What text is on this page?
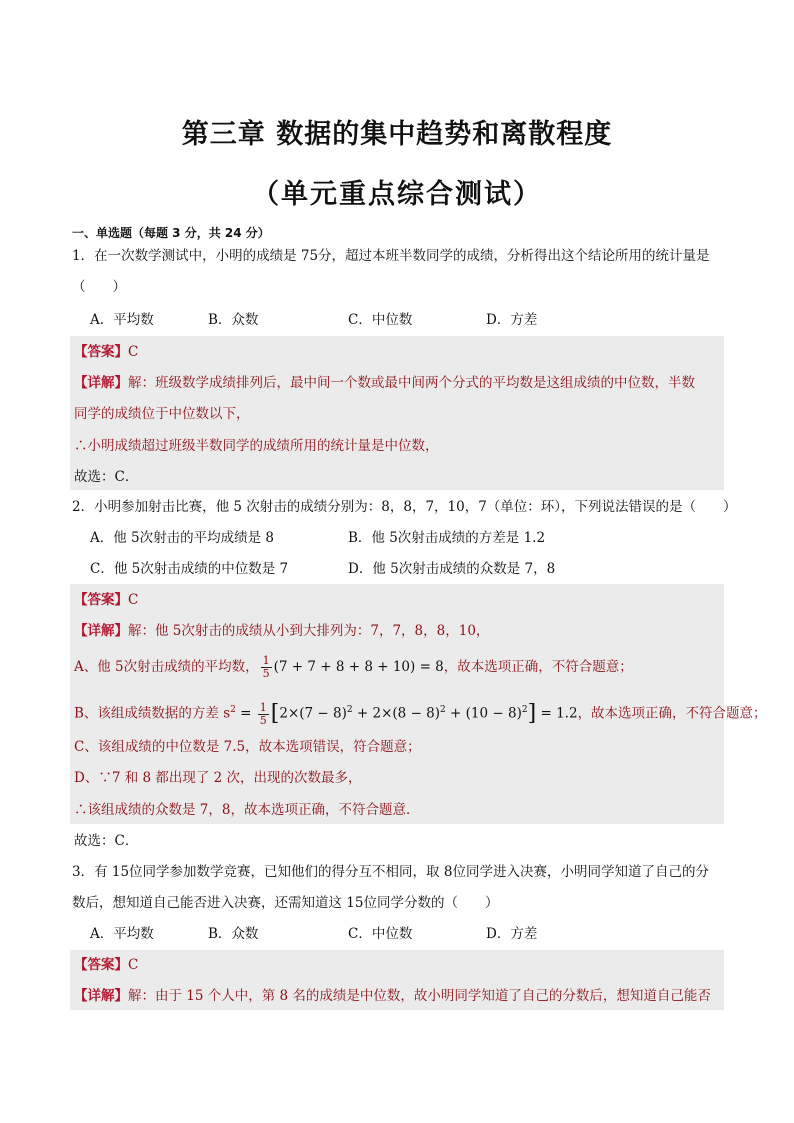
第三章 数据的集中趋势和离散程度
（单元重点综合测试）
一、单选题（每题 3 分，共 24 分）
1．在一次数学测试中，小明的成绩是 75分，超过本班半数同学的成绩，分析得出这个结论所用的统计量是
（　　）
A．平均数	B．众数	C．中位数	D．方差
【答案】C
【详解】解：班级数学成绩排列后，最中间一个数或最中间两个分式的平均数是这组成绩的中位数，半数
同学的成绩位于中位数以下，
∴小明成绩超过班级半数同学的成绩所用的统计量是中位数，
故选：C．
2．小明参加射击比赛，他 5 次射击的成绩分别为：8，8，7，10，7（单位：环），下列说法错误的是（　　）
A．他 5次射击的平均成绩是 8	B．他 5次射击成绩的方差是 1.2
C．他 5次射击成绩的中位数是 7	D．他 5次射击成绩的众数是 7，8
【答案】C
【详解】解：他 5次射击的成绩从小到大排列为：7，7，8，8，10，
A、他 5次射击成绩的平均数， $\frac{1}{5} (7 + 7 + 8 + 8 + 10) = 8$，故本选项正确，不符合题意；
B、该组成绩数据的方差 $s^2 = \frac{1}{5} [2\times(7 - 8)^2 + 2\times(8 - 8)^2 + (10 - 8)^2] = 1.2$，故本选项正确，不符合题意；
C、该组成绩的中位数是 7.5，故本选项错误，符合题意；
D、∵7 和 8 都出现了 2 次，出现的次数最多，
∴该组成绩的众数是 7，8，故本选项正确，不符合题意．
故选：C．
3．有 15位同学参加数学竞赛，已知他们的得分互不相同，取 8位同学进入决赛，小明同学知道了自己的分
数后，想知道自己能否进入决赛，还需知道这 15位同学分数的（　　）
A．平均数	B．众数	C．中位数	D．方差
【答案】C
【详解】解：由于 15 个人中，第 8 名的成绩是中位数，故小明同学知道了自己的分数后，想知道自己能否
